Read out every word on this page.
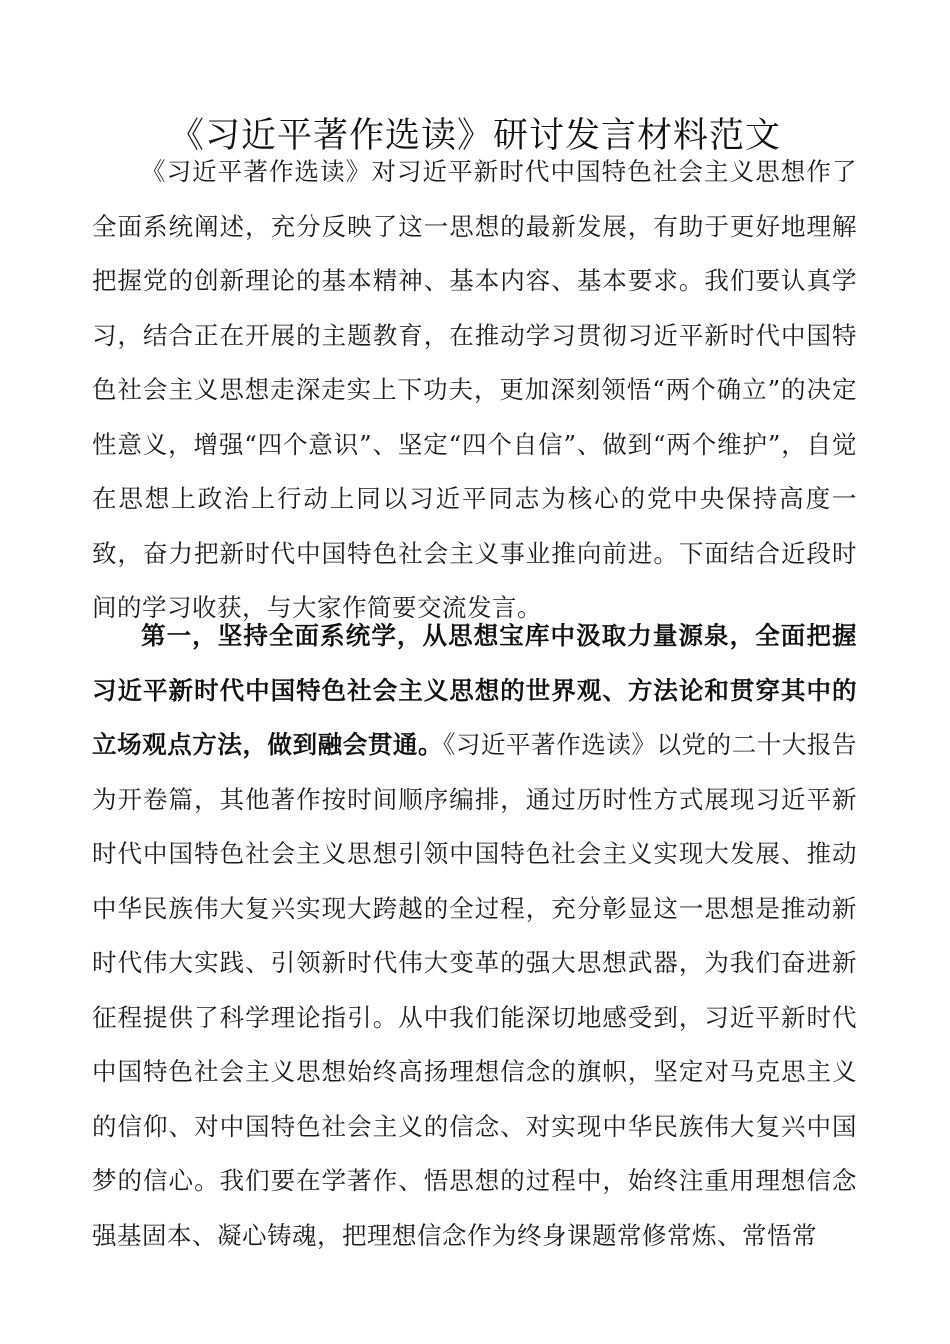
《习近平著作选读》研讨发言材料范文

《习近平著作选读》对习近平新时代中国特色社会主义思想作了全面系统阐述，充分反映了这一思想的最新发展，有助于更好地理解把握党的创新理论的基本精神、基本内容、基本要求。我们要认真学习，结合正在开展的主题教育，在推动学习贯彻习近平新时代中国特色社会主义思想走深走实上下功夫，更加深刻领悟“两个确立”的决定性意义，增强“四个意识”、坚定“四个自信”、做到“两个维护”，自觉在思想上政治上行动上同以习近平同志为核心的党中央保持高度一致，奋力把新时代中国特色社会主义事业推向前进。下面结合近段时间的学习收获，与大家作简要交流发言。

第一，坚持全面系统学，从思想宝库中汲取力量源泉，全面把握习近平新时代中国特色社会主义思想的世界观、方法论和贯穿其中的立场观点方法，做到融会贯通。《习近平著作选读》以党的二十大报告为开卷篇，其他著作按时间顺序编排，通过历时性方式展现习近平新时代中国特色社会主义思想引领中国特色社会主义实现大发展、推动中华民族伟大复兴实现大跨越的全过程，充分彰显这一思想是推动新时代伟大实践、引领新时代伟大变革的强大思想武器，为我们奋进新征程提供了科学理论指引。从中我们能深切地感受到，习近平新时代中国特色社会主义思想始终高扬理想信念的旗帜，坚定对马克思主义的信仰、对中国特色社会主义的信念、对实现中华民族伟大复兴中国梦的信心。我们要在学著作、悟思想的过程中，始终注重用理想信念强基固本、凝心铸魂，把理想信念作为终身课题常修常炼、常悟常
